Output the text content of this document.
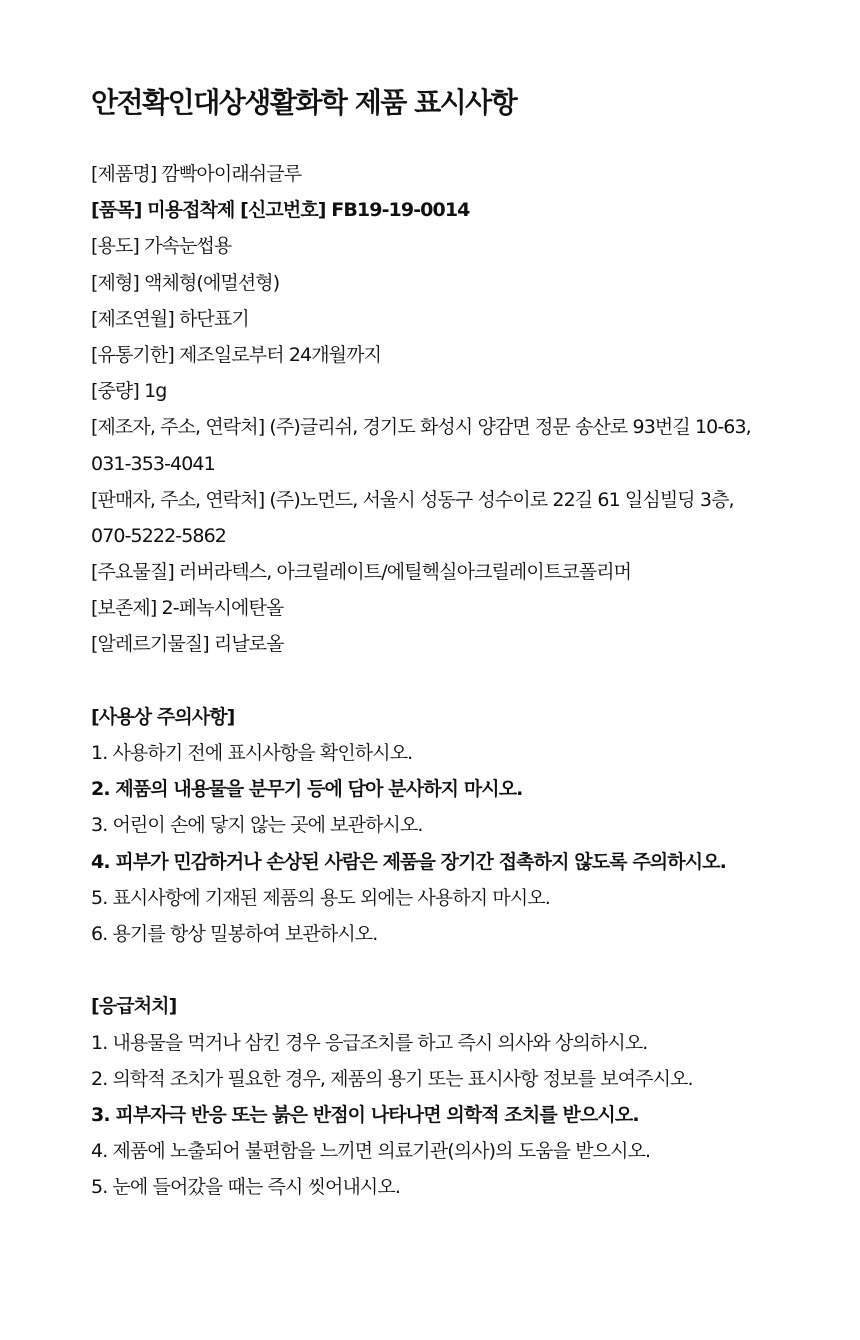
안전확인대상생활화학 제품 표시사항

[제품명] 깜빡아이래쉬글루

[품목] 미용접착제 [신고번호] FB19-19-0014

[용도] 가속눈썹용

[제형] 액체형(에멀션형)

[제조연월] 하단표기

[유통기한] 제조일로부터 24개월까지

[중량] 1g

[제조자, 주소, 연락처] (주)글리쉬, 경기도 화성시 양감면 정문 송산로 93번길 10-63,

031-353-4041

[판매자, 주소, 연락처] (주)노먼드, 서울시 성동구 성수이로 22길 61 일심빌딩 3층,

070-5222-5862

[주요물질] 러버라텍스, 아크릴레이트/에틸헥실아크릴레이트코폴리머

[보존제] 2-페녹시에탄올

[알레르기물질] 리날로올

[사용상 주의사항]

1. 사용하기 전에 표시사항을 확인하시오.

2. 제품의 내용물을 분무기 등에 담아 분사하지 마시오.

3. 어린이 손에 닿지 않는 곳에 보관하시오.

4. 피부가 민감하거나 손상된 사람은 제품을 장기간 접촉하지 않도록 주의하시오.

5. 표시사항에 기재된 제품의 용도 외에는 사용하지 마시오.

6. 용기를 항상 밀봉하여 보관하시오.

[응급처치]

1. 내용물을 먹거나 삼킨 경우 응급조치를 하고 즉시 의사와 상의하시오.

2. 의학적 조치가 필요한 경우, 제품의 용기 또는 표시사항 정보를 보여주시오.

3. 피부자극 반응 또는 붉은 반점이 나타나면 의학적 조치를 받으시오.

4. 제품에 노출되어 불편함을 느끼면 의료기관(의사)의 도움을 받으시오.

5. 눈에 들어갔을 때는 즉시 씻어내시오.
